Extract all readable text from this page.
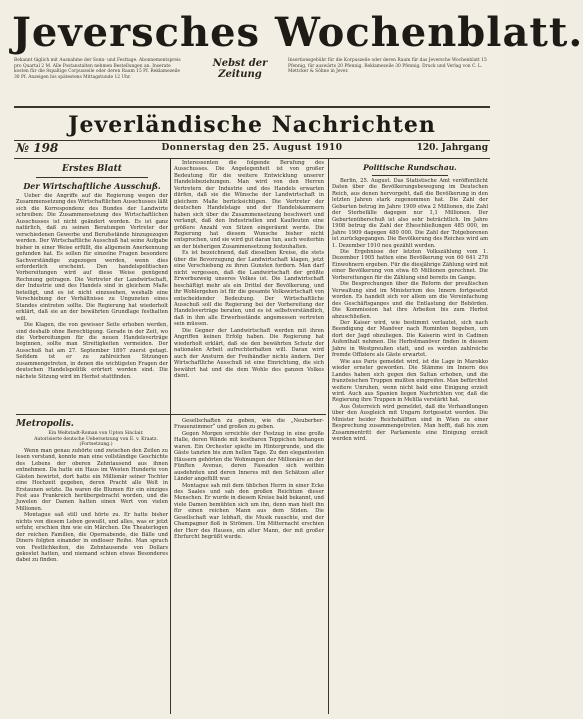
Jeversches Wochenblatt.
Bekannt täglich mit Ausnahme der Sonn- und Festtage. Abonnementspreis pro Quartal 2 M. Alle Postanstalten nehmen Bestellungen an. Inserate kosten für die 8spaltige Corpuszeile oder deren Raum 15 Pf. Reklamezeile 30 Pf. Anzeigen bis spätestens Mittagstunde 12 Uhr.
Nebst der Zeitung
Insertionsgebühr für die Korpuszeile oder deren Raum für das Jeversche Wochenblatt 15 Pfennig, für auswärts 20 Pfennig. Reklamezeile 30 Pfennig. Druck und Verlag von C. L. Mettcker & Söhne in Jever.
Jeverländische Nachrichten
№ 198	Donnerstag den 25. August 1910	120. Jahrgang
Erstes Blatt
Der Wirtschaftliche Ausschuß.

Ueber die Angriffe auf die Regierung wegen der Zusammensetzung des Wirtschaftlichen Ausschusses läßt sich die Korrespondenz des Bundes der Landwirte schreiben: Die Zusammensetzung des Wirtschaftlichen Ausschusses ist nicht geändert worden. Es ist ganz natürlich, daß zu seinen Beratungen Vertreter der verschiedenen Gewerbe und Berufsstände hinzugezogen werden. Der Wirtschaftliche Ausschuß hat seine Aufgabe bisher in einer Weise erfüllt, die allgemein Anerkennung gefunden hat. Es sollen für einzelne Fragen besondere Sachverständige zugezogen werden, wenn dies erforderlich erscheint. Den handelspolitischen Vorbereitungen wird auf diese Weise genügend Rechnung getragen. Die Vertreter der Landwirtschaft, der Industrie und des Handels sind in gleichem Maße beteiligt, und es ist nicht einzusehen, weshalb eine Verschiebung der Verhältnisse zu Ungunsten eines Standes eintreten sollte. Die Regierung hat wiederholt erklärt, daß sie an der bewährten Grundlage festhalten will.

Die Klagen, die von gewisser Seite erhoben werden, sind deshalb ohne Berechtigung. Gerade in der Zeit, wo die Vorbereitungen für die neuen Handelsverträge beginnen, sollte man Streitigkeiten vermeiden. Der Ausschuß hat am 27. September 1897 zuerst getagt. Seitdem ist er zu zahlreichen Sitzungen zusammengetreten, in denen die wichtigsten Fragen der deutschen Handelspolitik erörtert worden sind. Die nächste Sitzung wird im Herbst stattfinden.

Interessenten die folgende Berufung des Ausschusses. Die Angelegenheit ist von großer Bedeutung für die weitere Entwicklung unserer Handelsbeziehungen. Man wird von den Herren Vertretern der Industrie und des Handels erwarten dürfen, daß sie die Wünsche der Landwirtschaft in gleichem Maße berücksichtigen. Die Vertreter der deutschen Handelstage und der Handelskammern haben sich über die Zusammensetzung beschwert und verlangt, daß den Industriellen und Kaufleuten eine größere Anzahl von Sitzen eingeräumt werde. Die Regierung hat diesem Wunsche bisher nicht entsprochen, und sie wird gut daran tun, auch weiterhin an der bisherigen Zusammensetzung festzuhalten.

Es ist bezeichnend, daß dieselben Kreise, die stets über die Bevorzugung der Landwirtschaft klagen, jetzt eine Verschiebung zu ihren Gunsten fordern. Man darf nicht vergessen, daß die Landwirtschaft der größte Erwerbszweig unseres Volkes ist. Die Landwirtschaft beschäftigt mehr als ein Drittel der Bevölkerung, und ihr Wohlergehen ist für die gesamte Volkswirtschaft von entscheidender Bedeutung. Der Wirtschaftliche Ausschuß soll die Regierung bei der Vorbereitung der Handelsverträge beraten, und es ist selbstverständlich, daß in ihm alle Erwerbsstände angemessen vertreten sein müssen.

Die Gegner der Landwirtschaft werden mit ihren Angriffen keinen Erfolg haben. Die Regierung hat wiederholt erklärt, daß sie den bewährten Schutz der nationalen Arbeit aufrechterhalten will. Daran wird auch der Ansturm der Freihändler nichts ändern. Der Wirtschaftliche Ausschuß ist eine Einrichtung, die sich bewährt hat und die dem Wohle des ganzen Volkes dient.

Metropolis.

Ein Weltstadt-Roman von Upton Sinclair.

Autorisierte deutsche Uebersetzung von E. v. Kraatz.

(Fortsetzung.)

Wenn man genau zuhörte und zwischen den Zeilen zu lesen verstand, konnte man eine vollständige Geschichte des Lebens der oberen Zehntausend aus ihnen entnehmen. Da hatte ein Haus im Westen Hunderte von Gästen bewirtet, dort hatte ein Millionär seiner Tochter eine Hochzeit gegeben, deren Pracht alle Welt in Erstaunen setzte. Da waren die Blumen für ein einziges Fest aus Frankreich herübergebracht worden, und die Juwelen der Damen hatten einen Wert von vielen Millionen.

Montague saß still und hörte zu. Er hatte bisher nichts von diesem Leben gewußt, und alles, was er jetzt erfuhr, erschien ihm wie ein Märchen. Die Theaterlogen der reichen Familien, die Opernabende, die Bälle und Diners folgten einander in endloser Reihe. Man sprach von Festlichkeiten, die Zehntausende von Dollars gekostet hatten, und niemand schien etwas Besonderes dabei zu finden.

Gesellschaften zu geben, wie die „Neuberber-Frauenzimmer“ und großen zu geben.

Gegen Morgen erreichte der Festzug in eine große Halle, deren Wände mit kostbaren Teppichen behangen waren. Ein Orchester spielte im Hintergrunde, und die Gäste tanzten bis zum hellen Tage. Zu den elegantesten Häusern gehörten die Wohnungen der Millionäre an der Fünften Avenue, deren Fassaden sich weithin ausdehnten und deren Inneres mit den Schätzen aller Länder angefüllt war.

Montague sah mit dem üblichen Herrn in einer Ecke des Saales und sah den großen Reichtum dieser Menschen. Er wurde in diesem Kreise bald bekannt, und viele Damen bemühten sich um ihn, denn man hielt ihn für einen reichen Mann aus dem Süden. Die Gesellschaft war lebhaft, die Musik rauschte, und der Champagner floß in Strömen. Um Mitternacht erschien der Herr des Hauses, ein alter Mann, der mit großer Ehrfurcht begrüßt wurde.

Politische Rundschau.

Berlin, 25. August. Das Statistische Amt veröffentlicht Daten über die Bevölkerungsbewegung im Deutschen Reich, aus denen hervorgeht, daß die Bevölkerung in den letzten Jahren stark zugenommen hat. Die Zahl der Geburten betrug im Jahre 1909 etwa 2 Millionen, die Zahl der Sterbefälle dagegen nur 1,1 Millionen. Der Geburtenüberschuß ist also sehr beträchtlich. Im Jahre 1908 betrug die Zahl der Eheschließungen 485 000, im Jahre 1909 dagegen 480 000. Die Zahl der Totgeborenen ist zurückgegangen. Die Bevölkerung des Reiches wird am 1. Dezember 1910 neu gezählt werden.

Die Ergebnisse der letzten Volkszählung vom 1. Dezember 1905 hatten eine Bevölkerung von 60 641 278 Einwohnern ergeben. Für die diesjährige Zählung wird mit einer Bevölkerung von etwa 65 Millionen gerechnet. Die Vorbereitungen für die Zählung sind bereits im Gange.

Die Besprechungen über die Reform der preußischen Verwaltung sind im Ministerium des Innern fortgesetzt worden. Es handelt sich vor allem um die Vereinfachung des Geschäftsganges und die Entlastung der Behörden. Die Kommission hat ihre Arbeiten bis zum Herbst abzuschließen.

Der Kaiser wird, wie bestimmt verlautet, sich nach Beendigung der Manöver nach Rominten begeben, um dort der Jagd obzuliegen. Die Kaiserin wird in Cadinen Aufenthalt nehmen. Die Herbstmanöver finden in diesem Jahre in Westpreußen statt, und es werden zahlreiche fremde Offiziere als Gäste erwartet.

Wie aus Paris gemeldet wird, ist die Lage in Marokko wieder ernster geworden. Die Stämme im Innern des Landes haben sich gegen den Sultan erhoben, und die französischen Truppen mußten eingreifen. Man befürchtet weitere Unruhen, wenn nicht bald eine Einigung erzielt wird. Auch aus Spanien liegen Nachrichten vor, daß die Regierung ihre Truppen in Melilla verstärkt hat.

Aus Österreich wird gemeldet, daß die Verhandlungen über den Ausgleich mit Ungarn fortgesetzt werden. Die Minister beider Reichshälften sind in Wien zu einer Besprechung zusammengetreten. Man hofft, daß bis zum Zusammentritt der Parlamente eine Einigung erzielt werden wird.
